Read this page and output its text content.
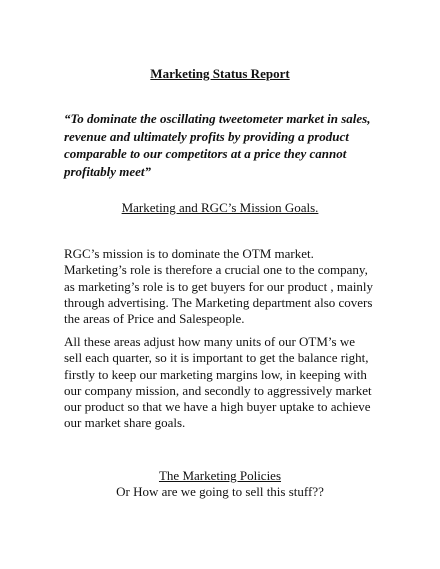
Marketing Status Report

“To dominate the oscillating tweetometer market in sales,

revenue and ultimately profits by providing a product

comparable to our competitors at a price they cannot

profitably meet”

Marketing and RGC’s Mission Goals.

RGC’s mission is to dominate the OTM market.

Marketing’s role is therefore a crucial one to the company,

as marketing’s role is to get buyers for our product , mainly

through advertising. The Marketing department also covers

the areas of Price and Salespeople.

All these areas adjust how many units of our OTM’s we

sell each quarter, so it is important to get the balance right,

firstly to keep our marketing margins low, in keeping with

our company mission, and secondly to aggressively market

our product so that we have a high buyer uptake to achieve

our market share goals.

The Marketing Policies

Or How are we going to sell this stuff??
